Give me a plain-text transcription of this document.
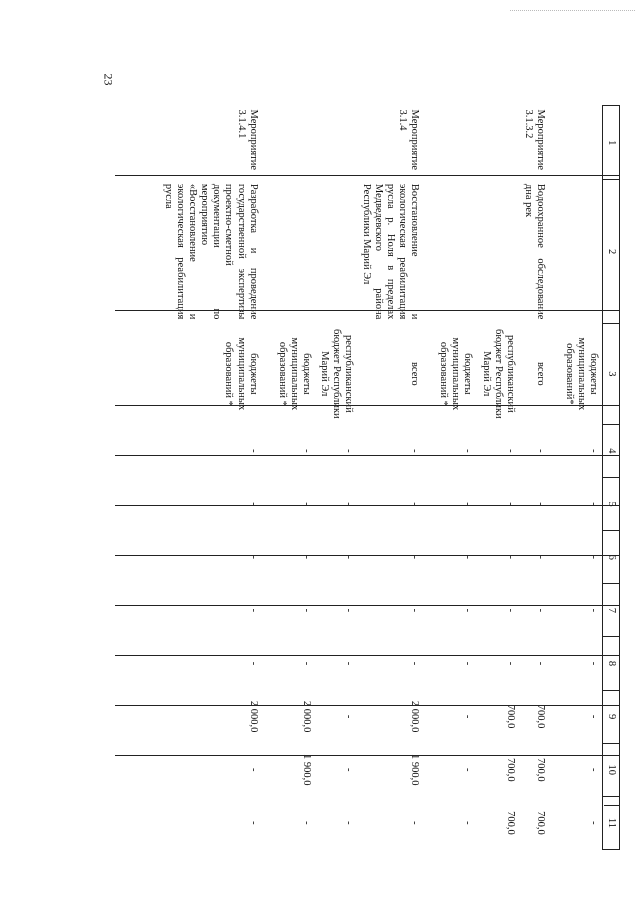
23
1	2	3	4	5	6	7	8	9	10	11
		бюджеты муниципальных образований*	-	-	-	-	-	-	-	-
Мероприятие 3.1.3.2	Водоохранное обследование дна рек	всего	-	-	-	-	-	700,0	700,0	700,0
		республиканский бюджет Республики Марий Эл	-	-	-	-	-	700,0	700,0	700,0
		бюджеты муниципальных образований *	-	-	-	-	-	-	-	-
Мероприятие 3.1.4	Восстановление и экологическая реабилитация русла р. Ноля в пределах Медведевского района Республики Марий Эл	всего	-	-	-	-	-	2 000,0	1 900,0	-
		республиканский бюджет Республики Марий Эл	-	-	-	-	-	-	-	-
		бюджеты муниципальных образований *	-	-	-	-	-	2 000,0	1 900,0	-
Мероприятие 3.1.4.1	Разработка и проведение государственной экспертизы проектно-сметной документации по мероприятию «Восстановление и экологическая реабилитация русла	бюджеты муниципальных образований *	-	-	-	-	-	2 000,0	-	-
